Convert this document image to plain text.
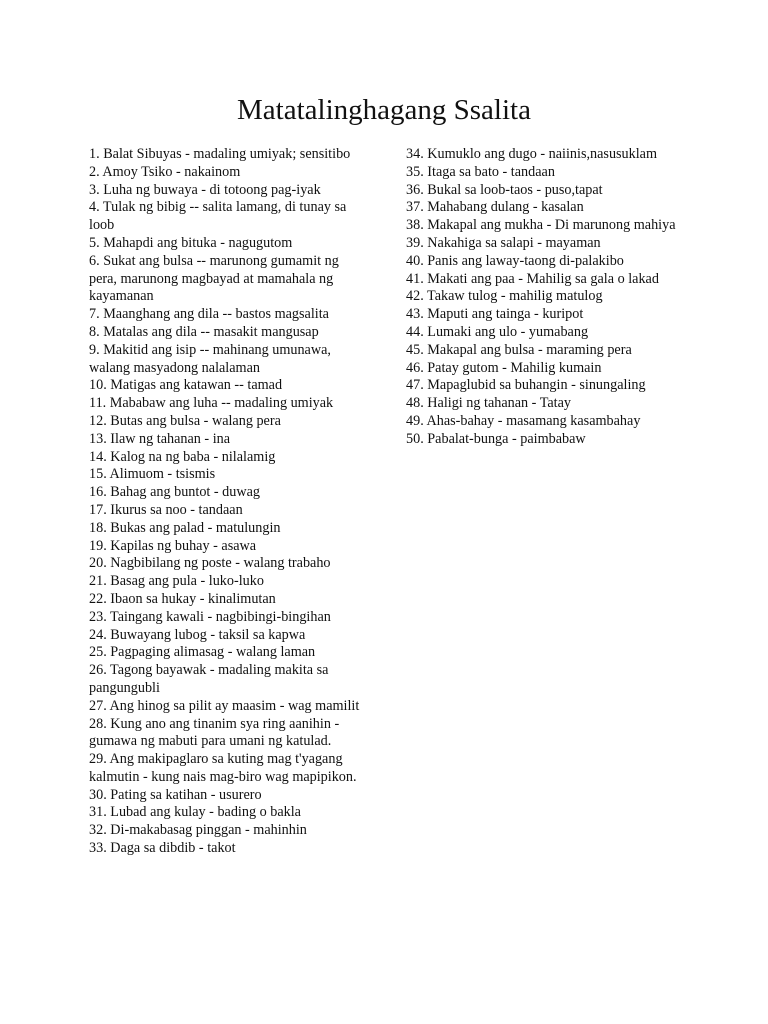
Matatalinghagang Ssalita
1. Balat Sibuyas - madaling umiyak; sensitibo
2. Amoy Tsiko - nakainom
3. Luha ng buwaya - di totoong pag-iyak
4. Tulak ng bibig -- salita lamang, di tunay sa loob
5. Mahapdi ang bituka - nagugutom
6. Sukat ang bulsa -- marunong gumamit ng pera, marunong magbayad at mamahala ng kayamanan
7. Maanghang ang dila -- bastos magsalita
8. Matalas ang dila -- masakit mangusap
9. Makitid ang isip -- mahinang umunawa, walang masyadong nalalaman
10. Matigas ang katawan -- tamad
11. Mababaw ang luha -- madaling umiyak
12. Butas ang bulsa - walang pera
13. Ilaw ng tahanan - ina
14. Kalog na ng baba - nilalamig
15. Alimuom - tsismis
16. Bahag ang buntot - duwag
17. Ikurus sa noo - tandaan
18. Bukas ang palad - matulungin
19. Kapilas ng buhay - asawa
20. Nagbibilang ng poste - walang trabaho
21. Basag ang pula - luko-luko
22. Ibaon sa hukay - kinalimutan
23. Taingang kawali - nagbibingi-bingihan
24. Buwayang lubog - taksil sa kapwa
25. Pagpaging alimasag - walang laman
26. Tagong bayawak - madaling makita sa pangungubli
27. Ang hinog sa pilit ay maasim - wag mamilit
28. Kung ano ang tinanim sya ring aanihin - gumawa ng mabuti para umani ng katulad.
29. Ang makipaglaro sa kuting mag t'yagang kalmutin - kung nais mag-biro wag mapipikon.
30. Pating sa katihan - usurero
31. Lubad ang kulay - bading o bakla
32. Di-makabasag pinggan - mahinhin
33. Daga sa dibdib - takot
34. Kumuklo ang dugo - naiinis,nasusuklam
35. Itaga sa bato - tandaan
36. Bukal sa loob-taos - puso,tapat
37. Mahabang dulang - kasalan
38. Makapal ang mukha - Di marunong mahiya
39. Nakahiga sa salapi - mayaman
40. Panis ang laway-taong di-palakibo
41. Makati ang paa - Mahilig sa gala o lakad
42. Takaw tulog - mahilig matulog
43. Maputi ang tainga - kuripot
44. Lumaki ang ulo - yumabang
45. Makapal ang bulsa - maraming pera
46. Patay gutom - Mahilig kumain
47. Mapaglubid sa buhangin - sinungaling
48. Haligi ng tahanan - Tatay
49. Ahas-bahay - masamang kasambahay
50. Pabalat-bunga - paimbabaw
